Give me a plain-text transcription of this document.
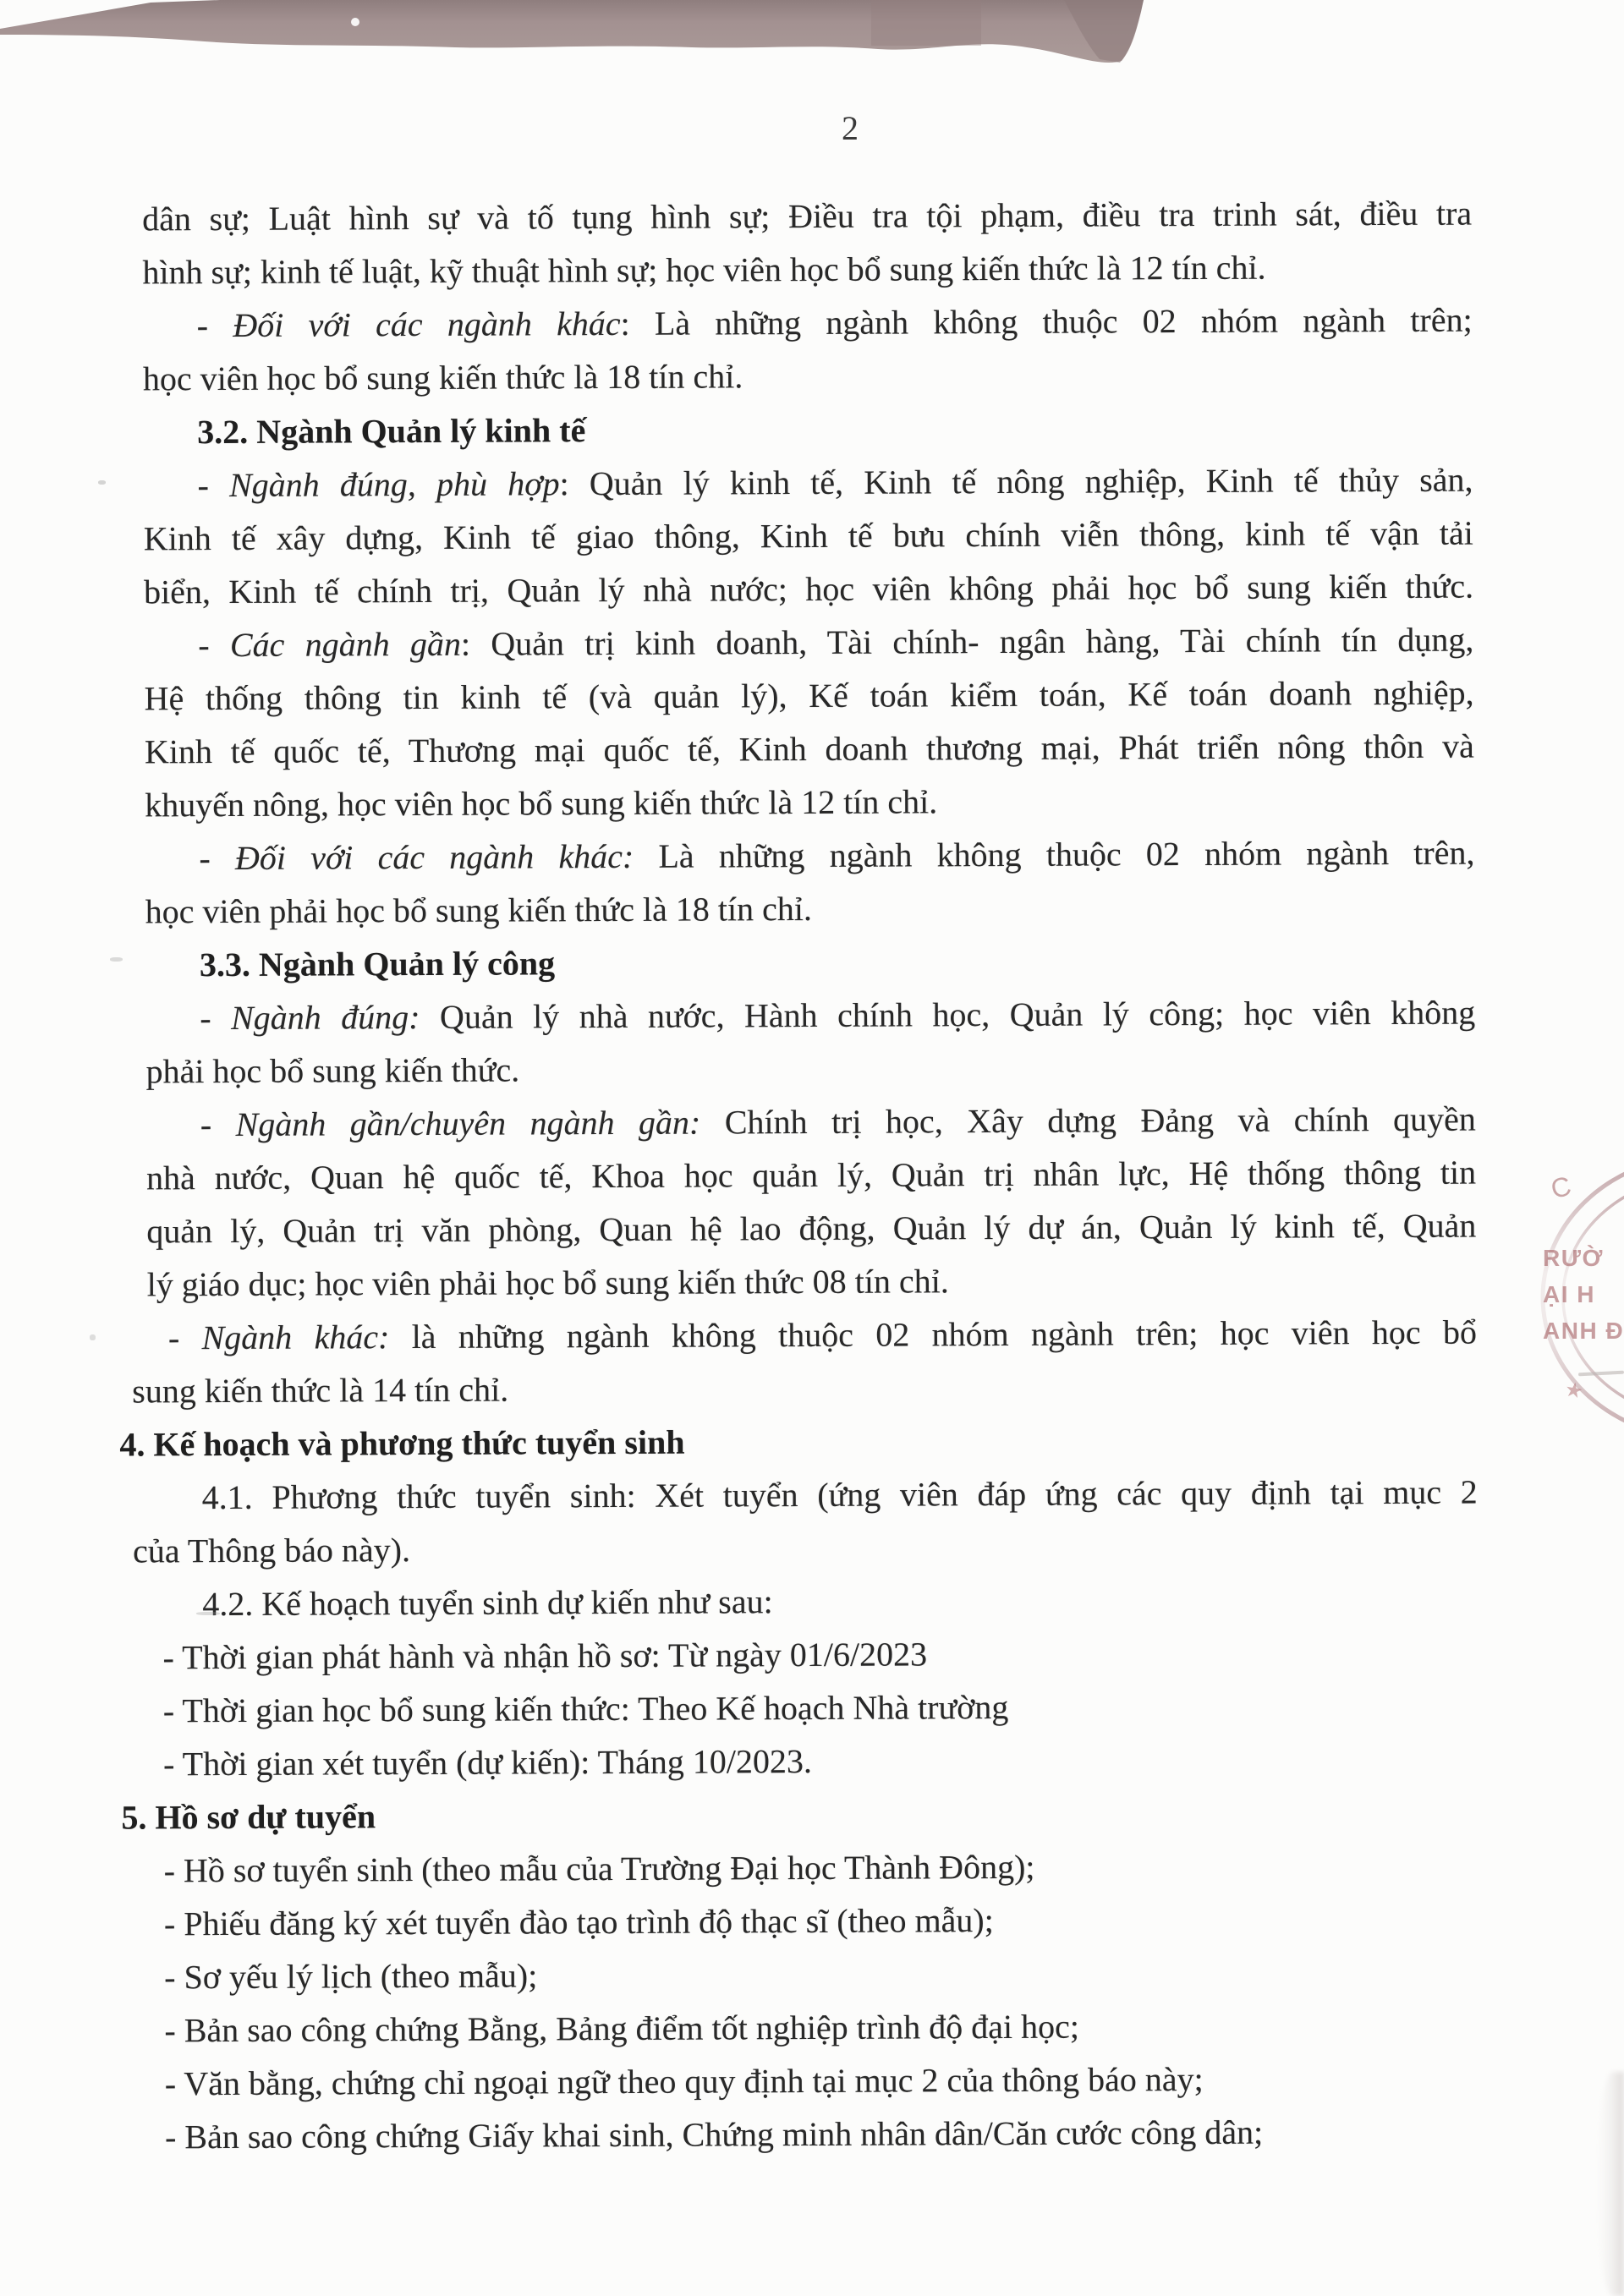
2
dân sự; Luật hình sự và tố tụng hình sự; Điều tra tội phạm, điều tra trinh sát, điều tra
hình sự; kinh tế luật, kỹ thuật hình sự; học viên học bổ sung kiến thức là 12 tín chỉ.
- Đối với các ngành khác: Là những ngành không thuộc 02 nhóm ngành trên;
học viên học bổ sung kiến thức là 18 tín chỉ.
3.2. Ngành Quản lý kinh tế
- Ngành đúng, phù hợp: Quản lý kinh tế, Kinh tế nông nghiệp, Kinh tế thủy sản,
Kinh tế xây dựng, Kinh tế giao thông, Kinh tế bưu chính viễn thông, kinh tế vận tải
biển, Kinh tế chính trị, Quản lý nhà nước; học viên không phải học bổ sung kiến thức.
- Các ngành gần: Quản trị kinh doanh, Tài chính- ngân hàng, Tài chính tín dụng,
Hệ thống thông tin kinh tế (và quản lý), Kế toán kiểm toán, Kế toán doanh nghiệp,
Kinh tế quốc tế, Thương mại quốc tế, Kinh doanh thương mại, Phát triển nông thôn và
khuyến nông, học viên học bổ sung kiến thức là 12 tín chỉ.
- Đối với các ngành khác: Là những ngành không thuộc 02 nhóm ngành trên,
học viên phải học bổ sung kiến thức là 18 tín chỉ.
3.3. Ngành Quản lý công
- Ngành đúng: Quản lý nhà nước, Hành chính học, Quản lý công; học viên không
phải học bổ sung kiến thức.
- Ngành gần/chuyên ngành gần: Chính trị học, Xây dựng Đảng và chính quyền
nhà nước, Quan hệ quốc tế, Khoa học quản lý, Quản trị nhân lực, Hệ thống thông tin
quản lý, Quản trị văn phòng, Quan hệ lao động, Quản lý dự án, Quản lý kinh tế, Quản
lý giáo dục; học viên phải học bổ sung kiến thức 08 tín chỉ.
- Ngành khác: là những ngành không thuộc 02 nhóm ngành trên; học viên học bổ
sung kiến thức là 14 tín chỉ.
4. Kế hoạch và phương thức tuyển sinh
4.1. Phương thức tuyển sinh: Xét tuyển (ứng viên đáp ứng các quy định tại mục 2
của Thông báo này).
4.2. Kế hoạch tuyển sinh dự kiến như sau:
- Thời gian phát hành và nhận hồ sơ: Từ ngày 01/6/2023
- Thời gian học bổ sung kiến thức: Theo Kế hoạch Nhà trường
- Thời gian xét tuyển (dự kiến): Tháng 10/2023.
5. Hồ sơ dự tuyển
- Hồ sơ tuyển sinh (theo mẫu của Trường Đại học Thành Đông);
- Phiếu đăng ký xét tuyển đào tạo trình độ thạc sĩ (theo mẫu);
- Sơ yếu lý lịch (theo mẫu);
- Bản sao công chứng Bằng, Bảng điểm tốt nghiệp trình độ đại học;
- Văn bằng, chứng chỉ ngoại ngữ theo quy định tại mục 2 của thông báo này;
- Bản sao công chứng Giấy khai sinh, Chứng minh nhân dân/Căn cước công dân;
C
RƯỜ
ẠI H
ANH Đ
★
